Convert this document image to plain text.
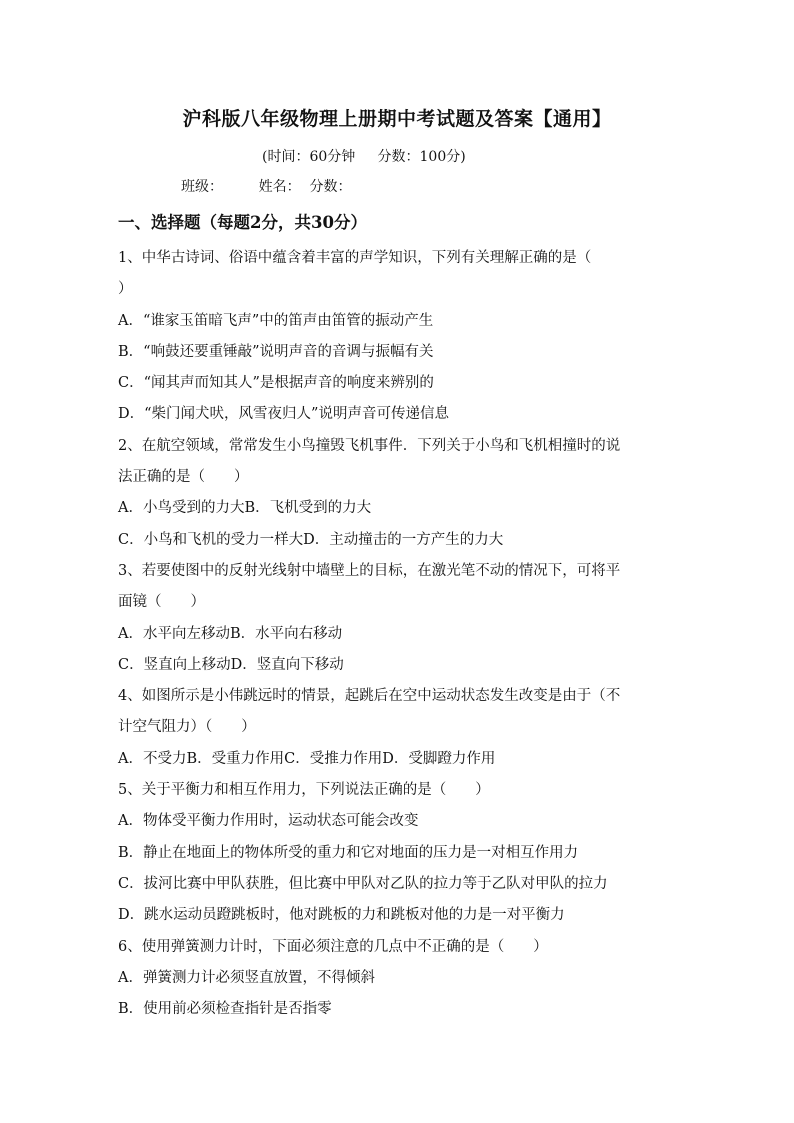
沪科版八年级物理上册期中考试题及答案【通用】
(时间：60分钟     分数：100分)
班级：	姓名： 分数：
一、选择题（每题2分，共30分）
1、中华古诗词、俗语中蕴含着丰富的声学知识，下列有关理解正确的是（
）
A．“谁家玉笛暗飞声”中的笛声由笛管的振动产生
B．“响鼓还要重锤敲”说明声音的音调与振幅有关
C．“闻其声而知其人”是根据声音的响度来辨别的
D．“柴门闻犬吠，风雪夜归人”说明声音可传递信息
2、在航空领域，常常发生小鸟撞毁飞机事件．下列关于小鸟和飞机相撞时的说
法正确的是（　　）
A．小鸟受到的力大B．飞机受到的力大
C．小鸟和飞机的受力一样大D．主动撞击的一方产生的力大
3、若要使图中的反射光线射中墙壁上的目标，在激光笔不动的情况下，可将平
面镜（　　）
A．水平向左移动B．水平向右移动
C．竖直向上移动D．竖直向下移动
4、如图所示是小伟跳远时的情景，起跳后在空中运动状态发生改变是由于（不
计空气阻力）（　　）
A．不受力B．受重力作用C．受推力作用D．受脚蹬力作用
5、关于平衡力和相互作用力，下列说法正确的是（　　）
A．物体受平衡力作用时，运动状态可能会改变
B．静止在地面上的物体所受的重力和它对地面的压力是一对相互作用力
C．拔河比赛中甲队获胜，但比赛中甲队对乙队的拉力等于乙队对甲队的拉力
D．跳水运动员蹬跳板时，他对跳板的力和跳板对他的力是一对平衡力
6、使用弹簧测力计时，下面必须注意的几点中不正确的是（　　）
A．弹簧测力计必须竖直放置，不得倾斜
B．使用前必须检查指针是否指零
